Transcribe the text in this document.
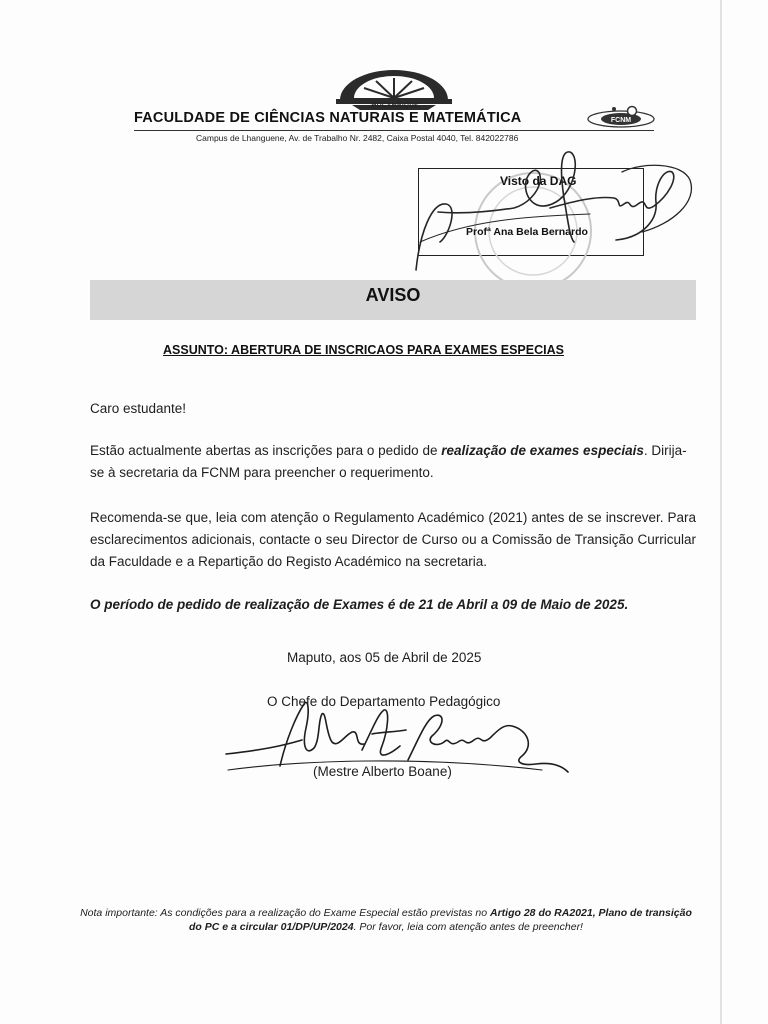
MOÇAMBIQUE
FACULDADE DE CIÊNCIAS NATURAIS E MATEMÁTICA
Campus de Lhanguene, Av. de Trabalho Nr. 2482, Caixa Postal 4040, Tel. 842022786
FCNM
Visto da DAG
Profª Ana Bela Bernardo
AVISO
ASSUNTO: ABERTURA DE INSCRICAOS PARA EXAMES ESPECIAS
Caro estudante!
Estão actualmente abertas as inscrições para o pedido de realização de exames especiais. Dirija-se à secretaria da FCNM para preencher o requerimento.
Recomenda-se que, leia com atenção o Regulamento Académico (2021) antes de se inscrever. Para esclarecimentos adicionais, contacte o seu Director de Curso ou a Comissão de Transição Curricular da Faculdade e a Repartição do Registo Académico na secretaria.
O período de pedido de realização de Exames é de 21 de Abril a 09 de Maio de 2025.
Maputo, aos 05 de Abril de 2025
O Chefe do Departamento Pedagógico
(Mestre Alberto Boane)
Nota importante: As condições para a realização do Exame Especial estão previstas no Artigo 28 do RA2021, Plano de transição do PC e a circular 01/DP/UP/2024. Por favor, leia com atenção antes de preencher!
